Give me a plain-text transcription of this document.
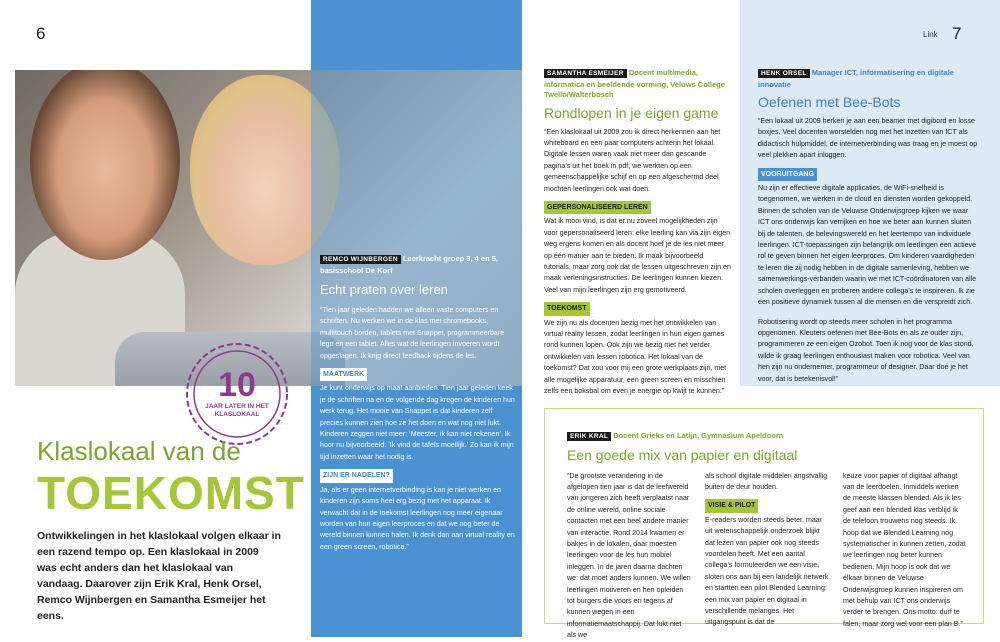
6
REMCO WIJNBERGEN Leerkracht groep 3, 4 en 5, basisschool De Korf
Echt praten over leren

“Tien jaar geleden hadden we alleen vaste computers en schriften. Nu werken we in de klas met chromebooks, multitouch borden, tablets met Snappet, programmeerbare lego en een tablet. Alles wat de leerlingen invoeren wordt opgeslagen. Ik krijg direct feedback tijdens de les.

MAATWERK

Je kunt onderwijs op maat aanbieden. Tien jaar geleden keek je de schriften na en de volgende dag kregen de kinderen hun werk terug. Het mooie van Snappet is dat kinderen zelf precies kunnen zien hoe ze het doen en wat nog niet lukt. Kinderen zeggen niet meer: ‘Meester, ik kan niet rekenen’. Ik hoor nu bijvoorbeeld: ‘Ik vind de tafels moeilijk.’ Zo kan ik mijn tijd inzetten waar het nodig is.

ZIJN ER NADELEN?

Ja, als er geen internetverbinding is kan je niet werken en kinderen zijn soms heel erg bezig met het apparaat. Ik verwacht dat in de toekomst leerlingen nog meer eigenaar worden van hun eigen leerproces en dat we nog beter de wereld binnen kunnen halen. Ik denk dan aan virtual reality en een green screen, robotica.”

10
JAAR LATER IN HET
KLASLOKAAL
Klaslokaal van de
TOEKOMST
Ontwikkelingen in het klaslokaal volgen elkaar in een razend tempo op. Een klaslokaal in 2009 was echt anders dan het klaslokaal van vandaag. Daarover zijn Erik Kral, Henk Orsel, Remco Wijnbergen en Samantha Esmeijer het eens.
Link 7
SAMANTHA ESMEIJER Docent multimedia, informatica en beeldende vorming, Veluws College Twello/Walterbosch
Rondlopen in je eigen game

“Een klaslokaal uit 2009 zou ik direct herkennen aan het whiteboard en een paar computers achterin het lokaal. Digitale lessen waren vaak niet meer dan gescande pagina’s uit het boek in pdf, we werkten op een gemeenschappelijke schijf en op een afgeschermd deel mochten leerlingen ook wat doen.

GEPERSONALISEERD LEREN

Wat ik mooi vind, is dat er nu zoveel mogelijkheden zijn voor gepersonaliseerd leren: elke leerling kan via zijn eigen weg ergens komen en als docent hoef je de les niet meer op één manier aan te bieden. Ik maak bijvoorbeeld tutorials, maar zorg ook dat de lessen uitgeschreven zijn en maak verleningsinstructies. De leerlingen kunnen kiezen. Veel van mijn leerlingen zijn erg gemotiveerd.

TOEKOMST

We zijn nu als docenten bezig met het ontwikkelen van virtual reality lessen, zodat leerlingen in hun eigen games rond kunnen lopen. Ook zijn we bezig met het verder ontwikkelen van lessen robotica. Het lokaal van de toekomst? Dat zou voor mij een grote werkplaats zijn, met alle mogelijke apparatuur, een green screen en misschien zelfs een boksbal om even je energie op kwijt te kunnen.”

HENK ORSEL Manager ICT, informatisering en digitale innovatie
Oefenen met Bee-Bots

“Een lokaal uit 2009 herken je aan een beamer met digibord en losse boxjes. Veel docenten worstelden nog met het inzetten van ICT als didactisch hulpmiddel, de internetverbinding was traag en je moest op veel plekken apart inloggen.

VOORUITGANG

Nu zijn er effectieve digitale applicaties, de WiFi-snelheid is toegenomen, we werken in de cloud en diensten worden gekoppeld. Binnen de scholen van de Veluwse Onderwijsgroep kijken we waar ICT ons onderwijs kan verrijken en hoe we beter aan kunnen sluiten bij de talenten, de belevingswereld en het leertempo van individuele leerlingen. ICT-toepassingen zijn belangrijk om leerlingen een actieve rol te geven binnen het eigen leerproces. Om kinderen vaardigheden te leren die zij nodig hebben in de digitale samenleving, hebben we samenwerkings-verbanden waarin we met ICT-coördinatoren van alle scholen overleggen en proberen andere collega’s te inspireren. Ik zie een positieve dynamiek tussen al die mensen en die verspreidt zich.

Robotisering wordt op steeds meer scholen in het programma opgenomen. Kleuters oefenen met Bee-Bots en als ze ouder zijn, programmeren ze een eigen Ozobot. Toen ik nog voor de klas stond, wilde ik graag leerlingen enthousiast maken voor robotica. Veel van hen zijn nu ondernemer, programmeur of designer. Daar doe je het voor, dat is betekenisvol!”

ERIK KRAL Docent Grieks en Latijn, Gymnasium Apeldoorn
Een goede mix van papier en digitaal

“De grootste verandering in de afgelopen tien jaar is dat de leefwereld van jongeren zich heeft verplaatst naar de online wereld, online sociale contacten met een heel andere manier van interactie. Rond 2014 kwamen er bakjes in de lokalen, daar moesten leerlingen voor de les hun mobiel inleggen. In de jaren daarna dachten we: dat moet anders kunnen. We willen leerlingen motiveren en hen opleiden tot burgers die voors en tegens af kunnen wegen in een informatiemaatschappij. Dat lukt niet als we

als school digitale middelen angstvallig buiten de deur houden.

VISIE & PILOT

E-readers worden steeds beter, maar uit wetenschappelijk onderzoek blijkt dat lezen van papier ook nog steeds voordelen heeft. Met een aantal collega’s formuleerden we een visie, sloten ons aan bij een landelijk netwerk en startten een pilot Blended Learning: een mix van papier en digitaal in verschillende melanges. Het uitgangspunt is dat de

keuze voor papier of digitaal afhangt van de leerdoelen. Inmiddels werken de meeste klassen blended. Als ik les geef aan een blended klas verblijd ik de telefoon trouwens nog steeds. Ik hoop dat we Blended Learning nog systematischer in kunnen zetten, zodat we leerlingen nog beter kunnen bedienen. Mijn hoop is ook dat we élkaar binnen de Veluwse Onderwijsgroep kunnen inspireren om met behulp van ICT ons onderwijs verder te brengen. Ons motto: durf te falen, maar zorg wel voor een plan B.”
